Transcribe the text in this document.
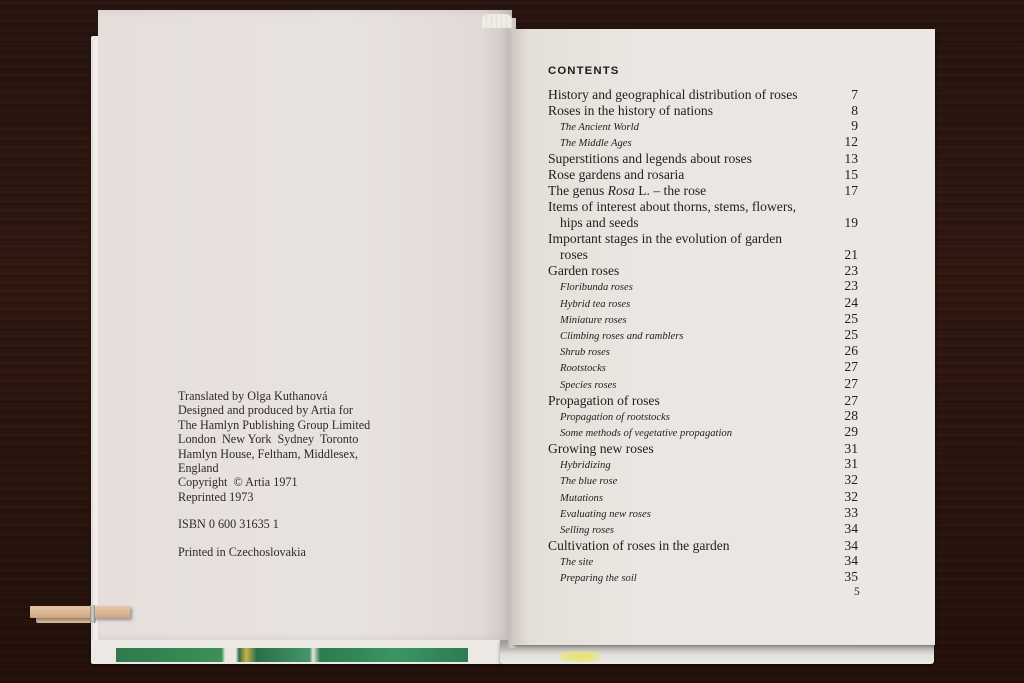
Translated by Olga Kuthanová
Designed and produced by Artia for
The Hamlyn Publishing Group Limited
London  New York  Sydney  Toronto
Hamlyn House, Feltham, Middlesex,
England
Copyright  © Artia 1971
Reprinted 1973
ISBN 0 600 31635 1
Printed in Czechoslovakia
CONTENTS
History and geographical distribution of roses	7
Roses in the history of nations	8
The Ancient World	9
The Middle Ages	12
Superstitions and legends about roses	13
Rose gardens and rosaria	15
The genus Rosa L. – the rose	17
Items of interest about thorns, stems, flowers,
hips and seeds	19
Important stages in the evolution of garden
roses	21
Garden roses	23
Floribunda roses	23
Hybrid tea roses	24
Miniature roses	25
Climbing roses and ramblers	25
Shrub roses	26
Rootstocks	27
Species roses	27
Propagation of roses	27
Propagation of rootstocks	28
Some methods of vegetative propagation	29
Growing new roses	31
Hybridizing	31
The blue rose	32
Mutations	32
Evaluating new roses	33
Selling roses	34
Cultivation of roses in the garden	34
The site	34
Preparing the soil	35
5
